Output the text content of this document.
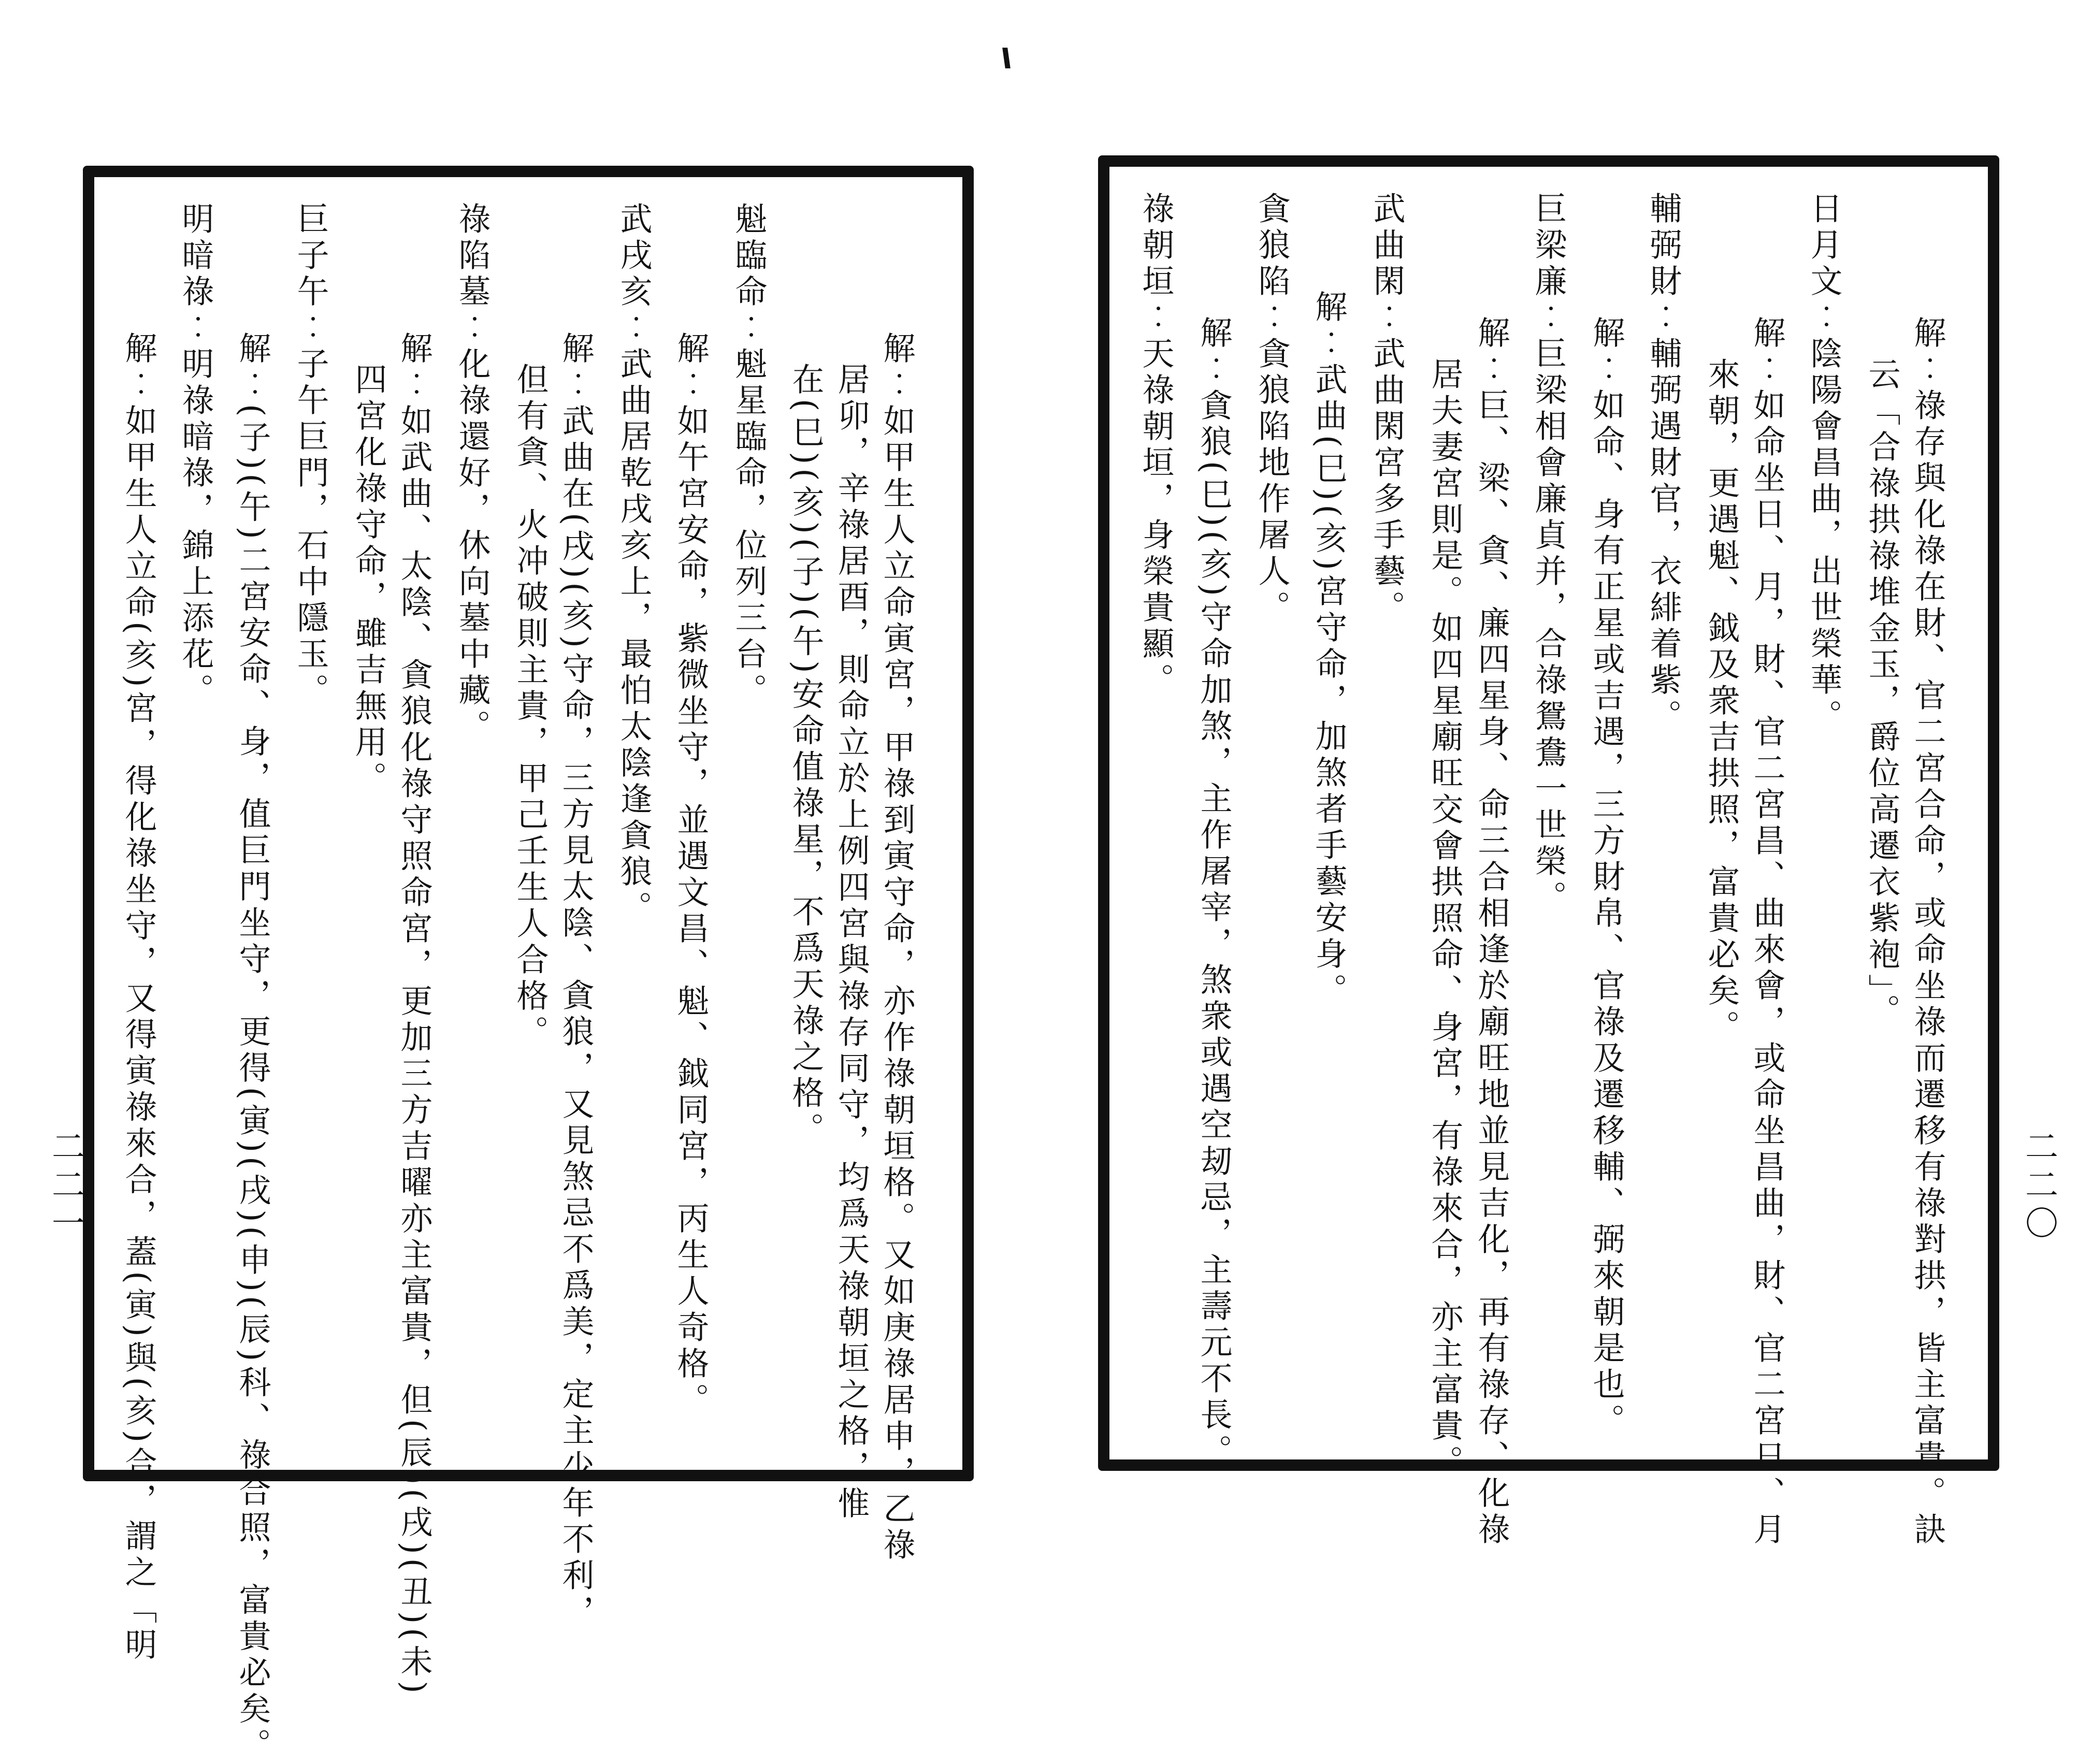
解︰如甲生人立命寅宮，甲祿到寅守命，亦作祿朝垣格。又如庚祿居申，乙祿
居卯，辛祿居酉，則命立於上例四宮與祿存同守，均爲天祿朝垣之格，惟
在(巳)(亥)(子)(午)安命值祿星，不爲天祿之格。
魁臨命︰魁星臨命，位列三台。
解︰如午宮安命，紫微坐守，並遇文昌、魁、鉞同宮，丙生人奇格。
武戌亥︰武曲居乾戌亥上，最怕太陰逢貪狼。
解︰武曲在(戌)(亥)守命，三方見太陰、貪狼，又見煞忌不爲美，定主少年不利，
但有貪、火冲破則主貴，甲己壬生人合格。
祿陷墓︰化祿還好，休向墓中藏。
解︰如武曲、太陰、貪狼化祿守照命宮，更加三方吉曜亦主富貴，但(辰)(戌)(丑)(未)
四宮化祿守命，雖吉無用。
巨子午︰子午巨門，石中隱玉。
解︰(子)(午)二宮安命、身，值巨門坐守，更得(寅)(戌)(申)(辰)科、祿合照，富貴必矣。
明暗祿︰明祿暗祿，錦上添花。
解︰如甲生人立命(亥)宮，得化祿坐守，又得寅祿來合，蓋(寅)與(亥)合，謂之「明
二二一	解︰祿存與化祿在財、官二宮合命，或命坐祿而遷移有祿對拱，皆主富貴。訣
云「合祿拱祿堆金玉，爵位高遷衣紫袍」。
日月文︰陰陽會昌曲，出世榮華。
解︰如命坐日、月，財、官二宮昌、曲來會，或命坐昌曲，財、官二宮日、月
來朝，更遇魁、鉞及衆吉拱照，富貴必矣。
輔弼財︰輔弼遇財官，衣緋着紫。
解︰如命、身有正星或吉遇，三方財帛、官祿及遷移輔、弼來朝是也。
巨梁廉︰巨梁相會廉貞并，合祿鴛鴦一世榮。
解︰巨、梁、貪、廉四星身、命三合相逢於廟旺地並見吉化，再有祿存、化祿
居夫妻宮則是。如四星廟旺交會拱照命、身宮，有祿來合，亦主富貴。
武曲閑︰武曲閑宮多手藝。
解︰武曲(巳)(亥)宮守命，加煞者手藝安身。
貪狼陷︰貪狼陷地作屠人。
解︰貪狼(巳)(亥)守命加煞，主作屠宰，煞衆或遇空刼忌，主壽元不長。
祿朝垣︰天祿朝垣，身榮貴顯。
二二〇
